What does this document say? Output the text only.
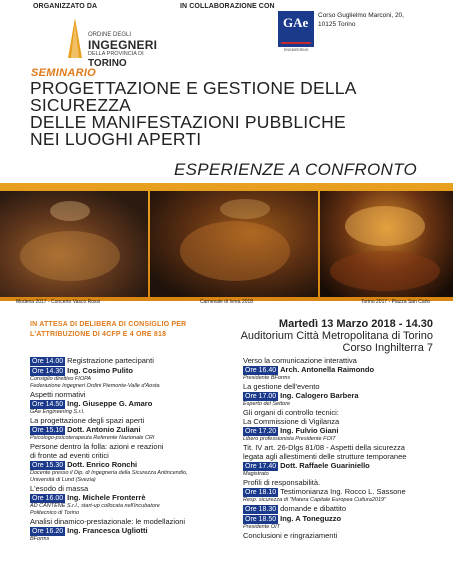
ORGANIZZATO DA	IN COLLABORAZIONE CON
ORDINE DEGLI
INGEGNERI
DELLA PROVINCIA DI
TORINO
GAe
ENGINEERING
Corso Guglielmo Marconi, 20,
10125 Torino
SEMINARIO
PROGETTAZIONE E GESTIONE DELLA
SICUREZZA
DELLE MANIFESTAZIONI PUBBLICHE
NEI LUOGHI APERTI
ESPERIENZE A CONFRONTO
Modena 2017 - Concerto Vasco Rossi	Carnevale di Ivrea 2018	Torino 2017 - Piazza San Carlo
IN ATTESA DI DELIBERA DI CONSIGLIO PER
L'ATTRIBUZIONE DI 4CFP E 4 ORE 818
Martedì 13 Marzo 2018 - 14.30
Auditorium Città Metropolitana di Torino
Corso Inghilterra 7
Ore 14.00 Registrazione partecipanti
Ore 14.30 Ing. Cosimo Pulito
Consiglio direttivo FIOPA
Federazione Ingegneri Ordini Piemonte-Valle d'Aosta
Aspetti normativi
Ore 14.50 Ing. Giuseppe G. Amaro
GAe Engineering S.r.l.
La progettazione degli spazi aperti
Ore 15.10 Dott. Antonio Zuliani
Psicologo-psicoterapeuta Referente Nazionale CRI
Persone dentro la folla: azioni e reazioni
di fronte ad eventi critici
Ore 15.30 Dott. Enrico Ronchi
Docente presso il Dip. di Ingegneria della Sicurezza Antincendio,
Università di Lund (Svezia)
L'esodo di massa
Ore 16.00 Ing. Michele Fronterrè
AD CANTENE S.r.l., start-up collocata nell'incubatore
Politecnico di Torino
Analisi dinamico-prestazionale: le modellazioni
Ore 16.20 Ing. Francesca Ugliotti
BForms
Verso la comunicazione interattiva
Ore 16.40 Arch. Antonella Raimondo
Presidente BForms
La gestione dell'evento
Ore 17.00 Ing. Calogero Barbera
Esperto del Settore
Gli organi di controllo tecnici:
La Commissione di Vigilanza
Ore 17.20 Ing. Fulvio Giani
Libero professionista Presidente FOIT
Tit. IV art. 26-Dlgs 81/08 - Aspetti della sicurezza
legata agli allestimenti delle strutture temporanee
Ore 17.40 Dott. Raffaele Guariniello
Magistrato
Profili di responsabilità.
Ore 18.10 Testimonianza Ing. Rocco L. Sassone
Resp. sicurezza di "Matera Capitale Europea Cultura2019"
Ore 18.30 domande e dibattito
Ore 18.50 Ing. A Toneguzzo
Presidente OIT
Conclusioni e ringraziamenti
